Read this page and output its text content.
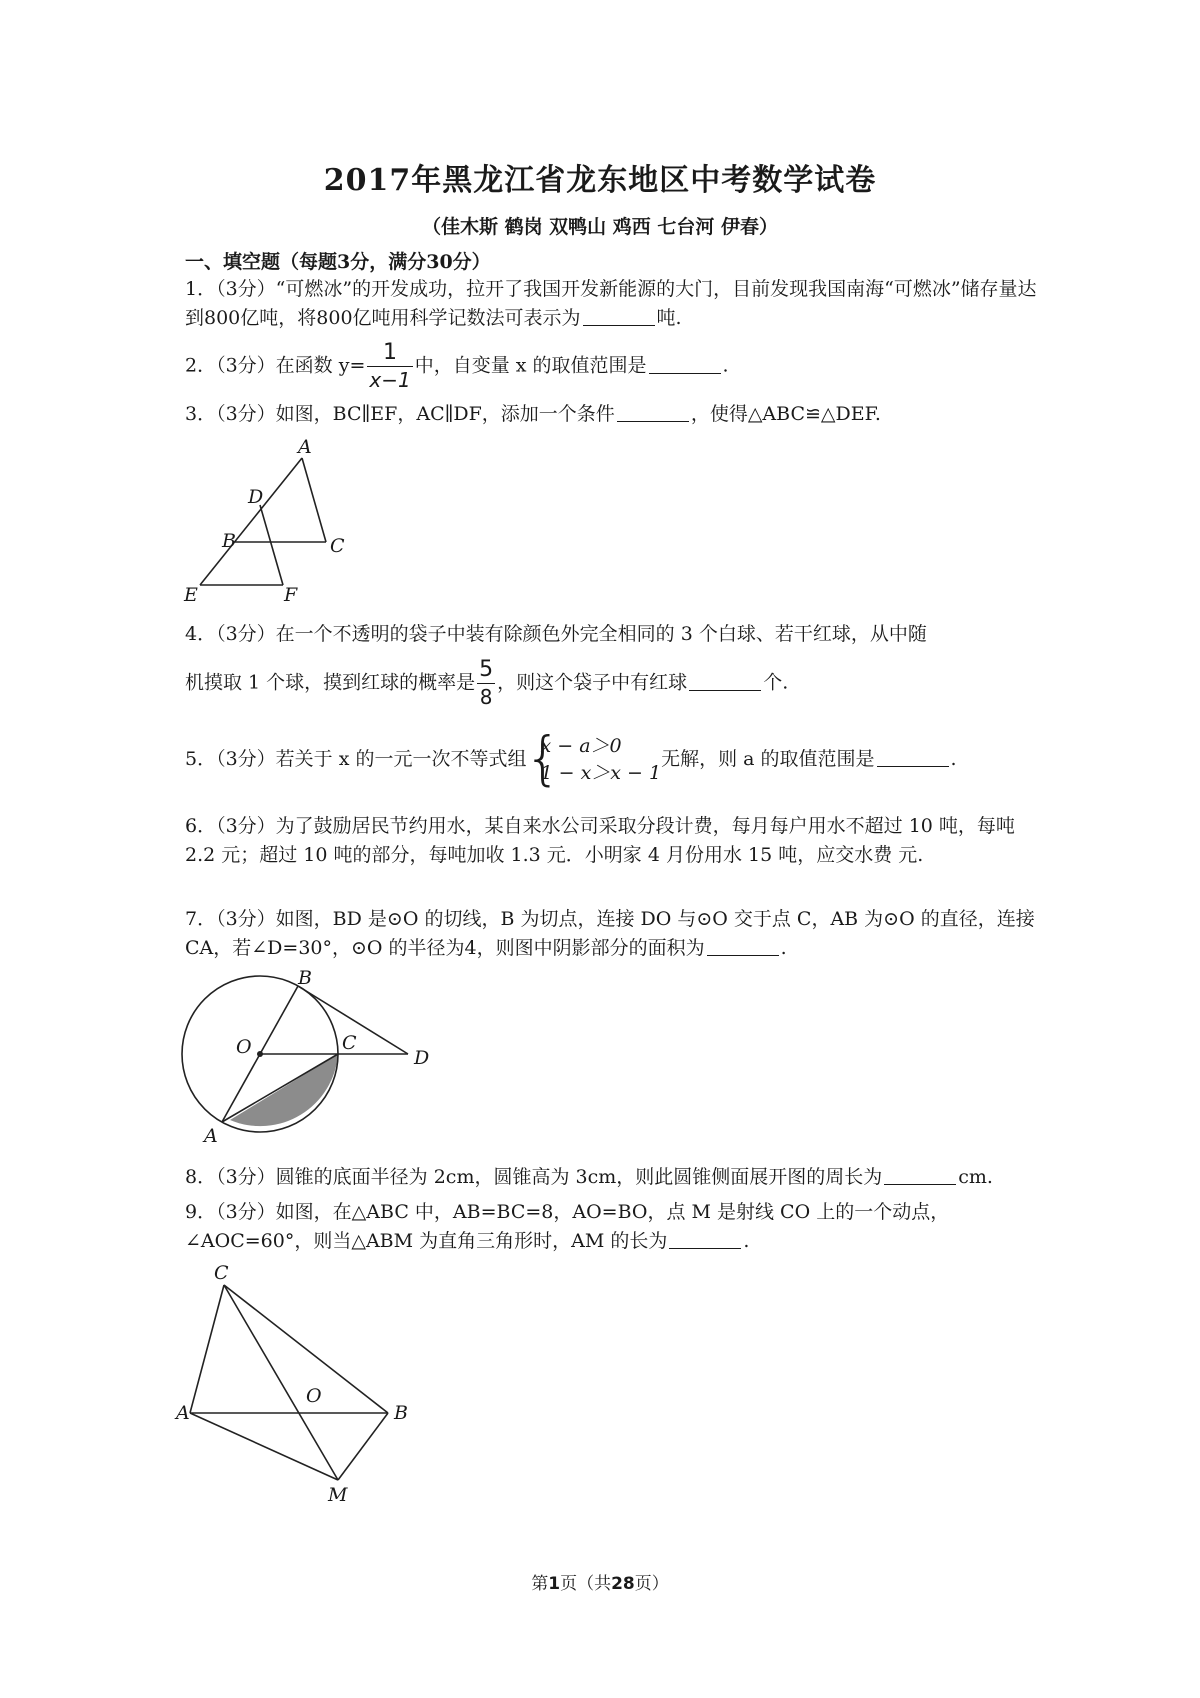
2017年黑龙江省龙东地区中考数学试卷
（佳木斯 鹤岗 双鸭山 鸡西 七台河 伊春）
一、填空题（每题3分，满分30分）
1．（3分）“可燃冰”的开发成功，拉开了我国开发新能源的大门，目前发现我国南海“可燃冰”储存量达到800亿吨，将800亿吨用科学记数法可表示为	吨.
2．（3分）在函数 $y= \frac{1}{x-1}$ 中，自变量 x 的取值范围是	.
3．（3分）如图，BC∥EF，AC∥DF，添加一个条件	，使得△ABC≌△DEF.
A
D
B	C
E	F
4．（3分）在一个不透明的袋子中装有除颜色外完全相同的 3 个白球、若干红球，从中随
机摸取 1 个球，摸到红球的概率是 $\frac{5}{8}$ ，则这个袋子中有红球	个.
5．（3分）若关于 x 的一元一次不等式组
{
x − a＞0
1 − x＞x − 1
无解，则 a 的取值范围是	.
6．（3分）为了鼓励居民节约用水，某自来水公司采取分段计费，每月每户用水不超过 10 吨，每吨 2.2 元；超过 10 吨的部分，每吨加收 1.3 元．小明家 4 月份用水 15 吨，应交水费 元.
7．（3分）如图，BD 是⊙O 的切线，B 为切点，连接 DO 与⊙O 交于点 C，AB 为⊙O 的直径，连接 CA，若∠D=30°，⊙O 的半径为4，则图中阴影部分的面积为	.
B
O	C
D
A
8．（3分）圆锥的底面半径为 2cm，圆锥高为 3cm，则此圆锥侧面展开图的周长为	cm.
9．（3分）如图，在△ABC 中，AB=BC=8，AO=BO，点 M 是射线 CO 上的一个动点，∠AOC=60°，则当△ABM 为直角三角形时，AM 的长为	.
C
O
A	B
M
第1页（共28页）
